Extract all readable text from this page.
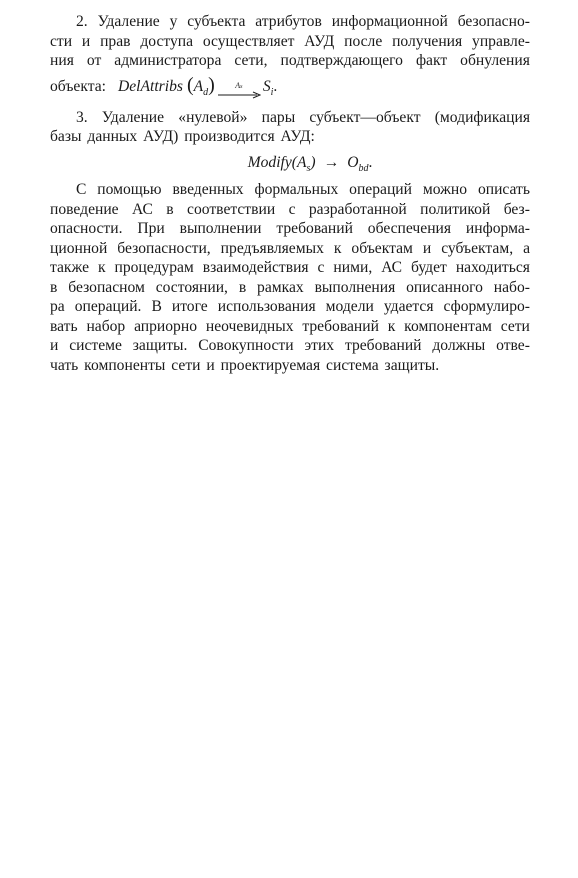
2. Удаление у субъекта атрибутов информационной безопасно-
сти и прав доступа осуществляет АУД после получения управле-
ния от администратора сети, подтверждающего факт обнуления
объекта: DelAttribs ( A d )	As S i .
3. Удаление «нулевой» пары субъект—объект (модификация
базы данных АУД) производится АУД:
Modify(A s ) → O bd .
С помощью введенных формальных операций можно описать
поведение АС в соответствии с разработанной политикой без-
опасности. При выполнении требований обеспечения информа-
ционной безопасности, предъявляемых к объектам и субъектам, а
также к процедурам взаимодействия с ними, АС будет находиться
в безопасном состоянии, в рамках выполнения описанного набо-
ра операций. В итоге использования модели удается сформулиро-
вать набор априорно неочевидных требований к компонентам сети
и системе защиты. Совокупности этих требований должны отве-
чать компоненты сети и проектируемая система защиты.
